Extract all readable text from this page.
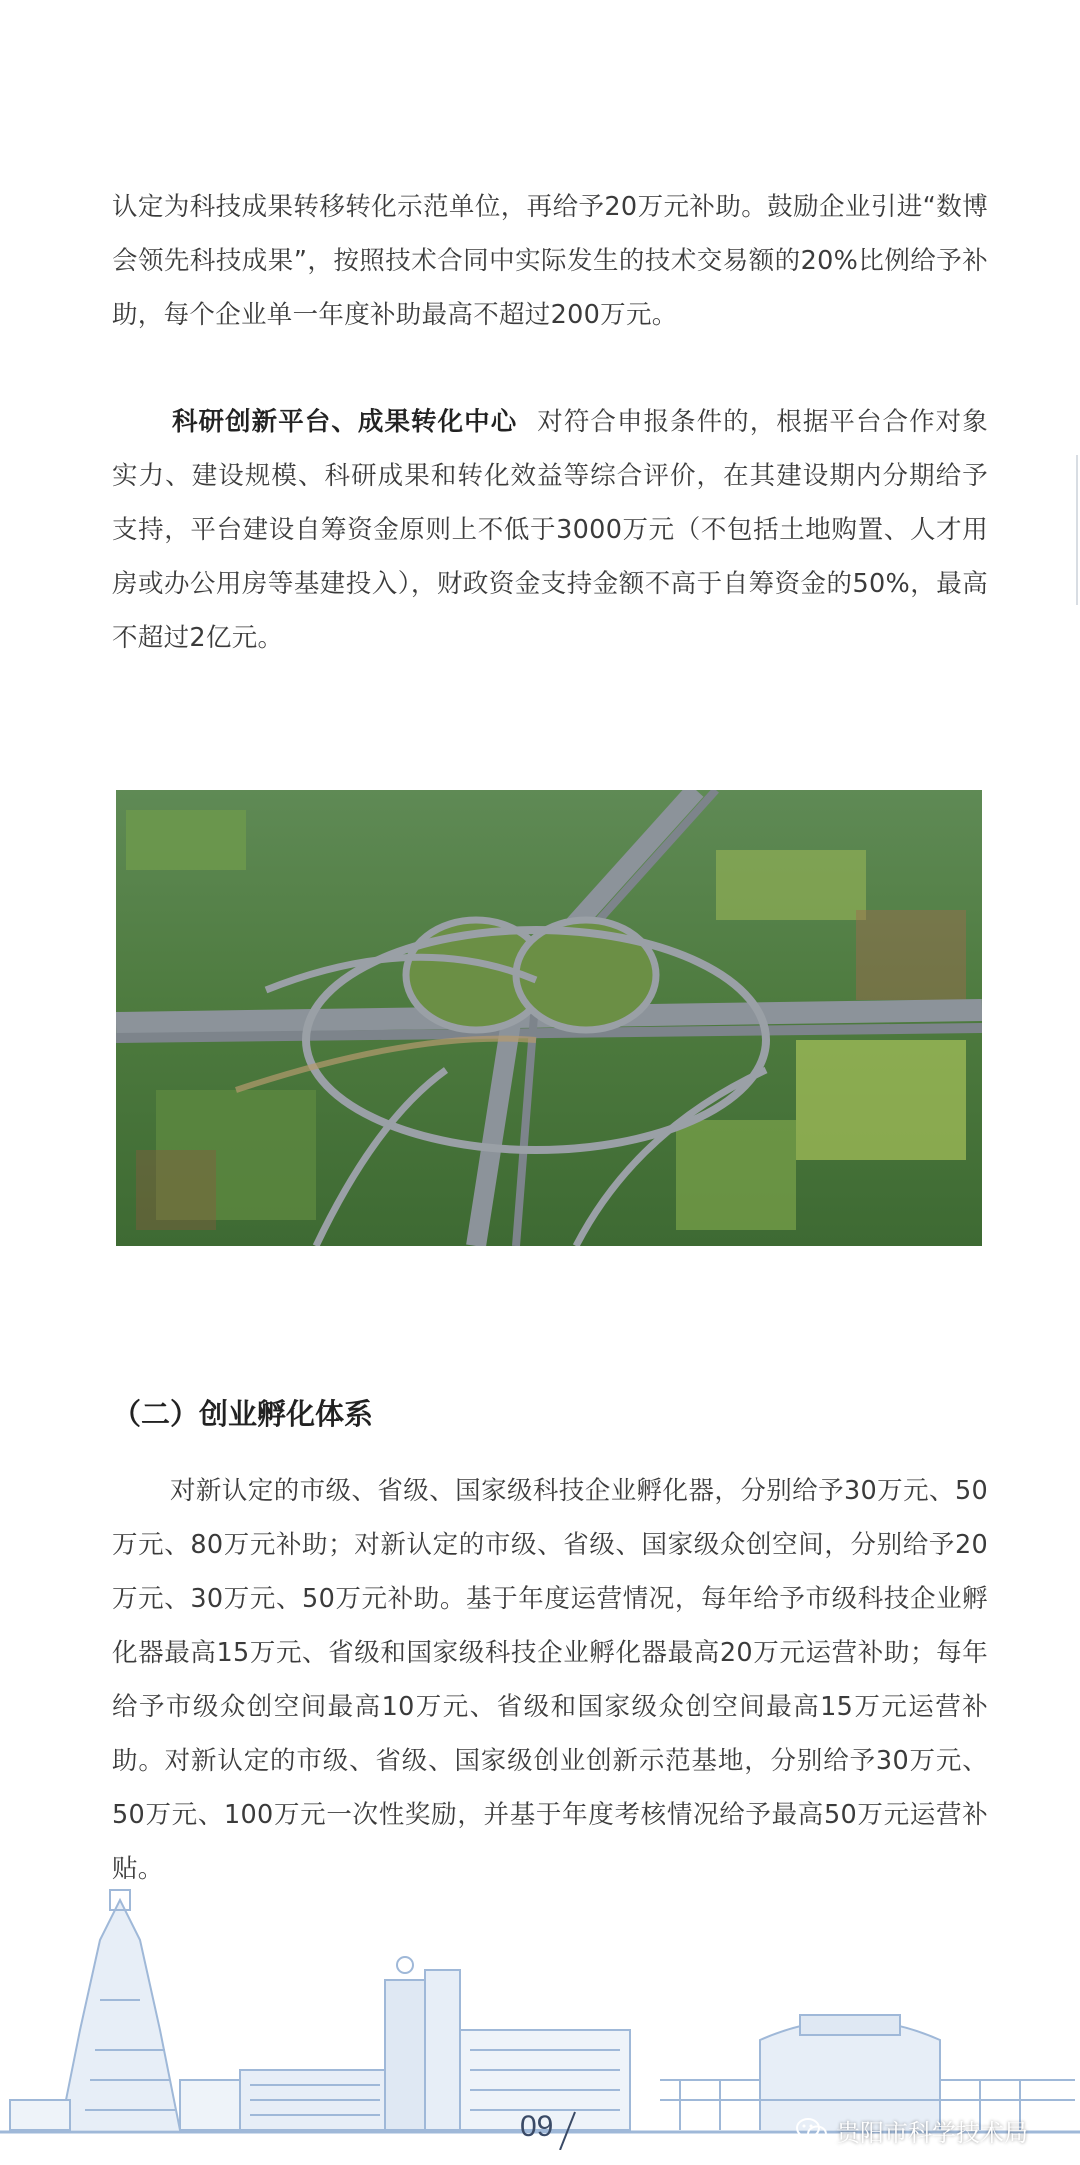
认定为科技成果转移转化示范单位，再给予20万元补助。鼓励企业引进“数博会领先科技成果”，按照技术合同中实际发生的技术交易额的20%比例给予补助，每个企业单一年度补助最高不超过200万元。

科研创新平台、成果转化中心 对符合申报条件的，根据平台合作对象实力、建设规模、科研成果和转化效益等综合评价，在其建设期内分期给予支持，平台建设自筹资金原则上不低于3000万元（不包括土地购置、人才用房或办公用房等基建投入），财政资金支持金额不高于自筹资金的50%，最高不超过2亿元。

（二）创业孵化体系

对新认定的市级、省级、国家级科技企业孵化器，分别给予30万元、50万元、80万元补助；对新认定的市级、省级、国家级众创空间，分别给予20万元、30万元、50万元补助。基于年度运营情况，每年给予市级科技企业孵化器最高15万元、省级和国家级科技企业孵化器最高20万元运营补助；每年给予市级众创空间最高10万元、省级和国家级众创空间最高15万元运营补助。对新认定的市级、省级、国家级创业创新示范基地，分别给予30万元、50万元、100万元一次性奖励，并基于年度考核情况给予最高50万元运营补贴。

09	贵阳市科学技术局
